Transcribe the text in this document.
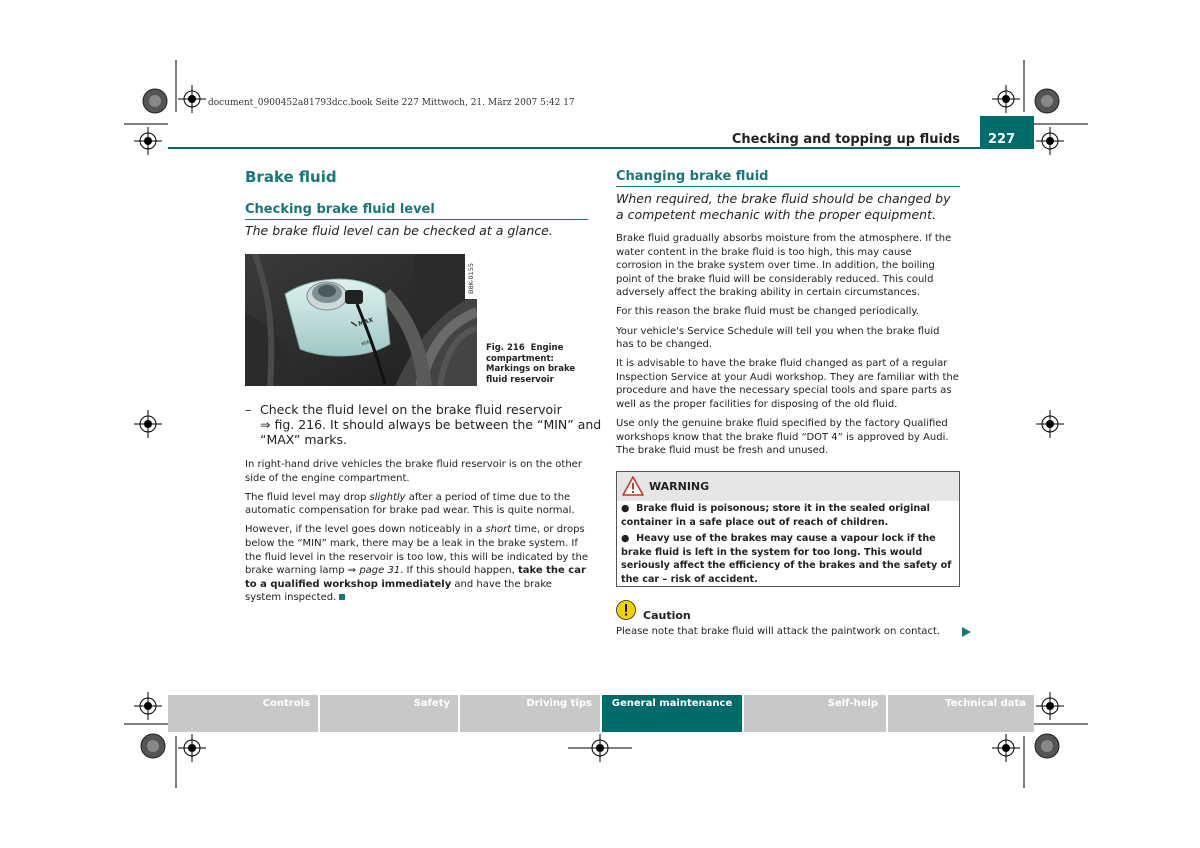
document_0900452a81793dcc.book Seite 227 Mittwoch, 21. März 2007 5:42 17
Checking and topping up fluids	227
Brake fluid
Checking brake fluid level
The brake fluid level can be checked at a glance.
MAX
MIN
B8K-0155
Fig. 216 Engine compartment: Markings on brake fluid reservoir
– Check the fluid level on the brake fluid reservoir
⇒ fig. 216. It should always be between the “MIN” and
“MAX” marks.

In right-hand drive vehicles the brake fluid reservoir is on the other side of the engine compartment.

The fluid level may drop slightly after a period of time due to the automatic compensation for brake pad wear. This is quite normal.

However, if the level goes down noticeably in a short time, or drops below the “MIN” mark, there may be a leak in the brake system. If the fluid level in the reservoir is too low, this will be indicated by the brake warning lamp ⇒ page 31. If this should happen, take the car to a qualified workshop immediately and have the brake system inspected.

Changing brake fluid
When required, the brake fluid should be changed by a competent mechanic with the proper equipment.

Brake fluid gradually absorbs moisture from the atmosphere. If the water content in the brake fluid is too high, this may cause corrosion in the brake system over time. In addition, the boiling point of the brake fluid will be considerably reduced. This could adversely affect the braking ability in certain circumstances.

For this reason the brake fluid must be changed periodically.

Your vehicle's Service Schedule will tell you when the brake fluid has to be changed.

It is advisable to have the brake fluid changed as part of a regular Inspection Service at your Audi workshop. They are familiar with the procedure and have the necessary special tools and spare parts as well as the proper facilities for disposing of the old fluid.

Use only the genuine brake fluid specified by the factory Qualified workshops know that the brake fluid “DOT 4” is approved by Audi. The brake fluid must be fresh and unused.

WARNING

●  Brake fluid is poisonous; store it in the sealed original container in a safe place out of reach of children.

●  Heavy use of the brakes may cause a vapour lock if the brake fluid is left in the system for too long. This would seriously affect the efficiency of the brakes and the safety of the car – risk of accident.

Caution
Please note that brake fluid will attack the paintwork on contact.
Controls	Safety	Driving tips	General maintenance	Self-help	Technical data
